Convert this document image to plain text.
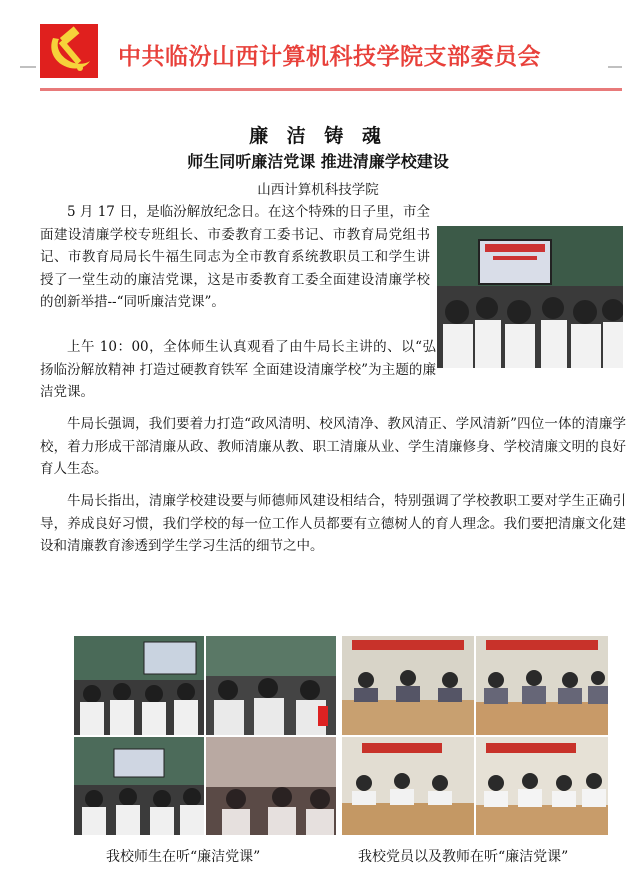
中共临汾山西计算机科技学院支部委员会
廉 洁 铸 魂
师生同听廉洁党课 推进清廉学校建设
山西计算机科技学院

5 月 17 日，是临汾解放纪念日。在这个特殊的日子里，市全面建设清廉学校专班组长、市委教育工委书记、市教育局党组书记、市教育局局长牛福生同志为全市教育系统教职员工和学生讲授了一堂生动的廉洁党课，这是市委教育工委全面建设清廉学校的创新举措--“同听廉洁党课”。

上午 10：00，全体师生认真观看了由牛局长主讲的、以“弘扬临汾解放精神 打造过硬教育铁军 全面建设清廉学校”为主题的廉洁党课。

牛局长强调，我们要着力打造“政风清明、校风清净、教风清正、学风清新”四位一体的清廉学校，着力形成干部清廉从政、教师清廉从教、职工清廉从业、学生清廉修身、学校清廉文明的良好育人生态。

牛局长指出，清廉学校建设要与师德师风建设相结合，特别强调了学校教职工要对学生正确引导，养成良好习惯，我们学校的每一位工作人员都要有立德树人的育人理念。我们要把清廉文化建设和清廉教育渗透到学生学习生活的细节之中。

我校师生在听“廉洁党课”	我校党员以及教师在听“廉洁党课”
